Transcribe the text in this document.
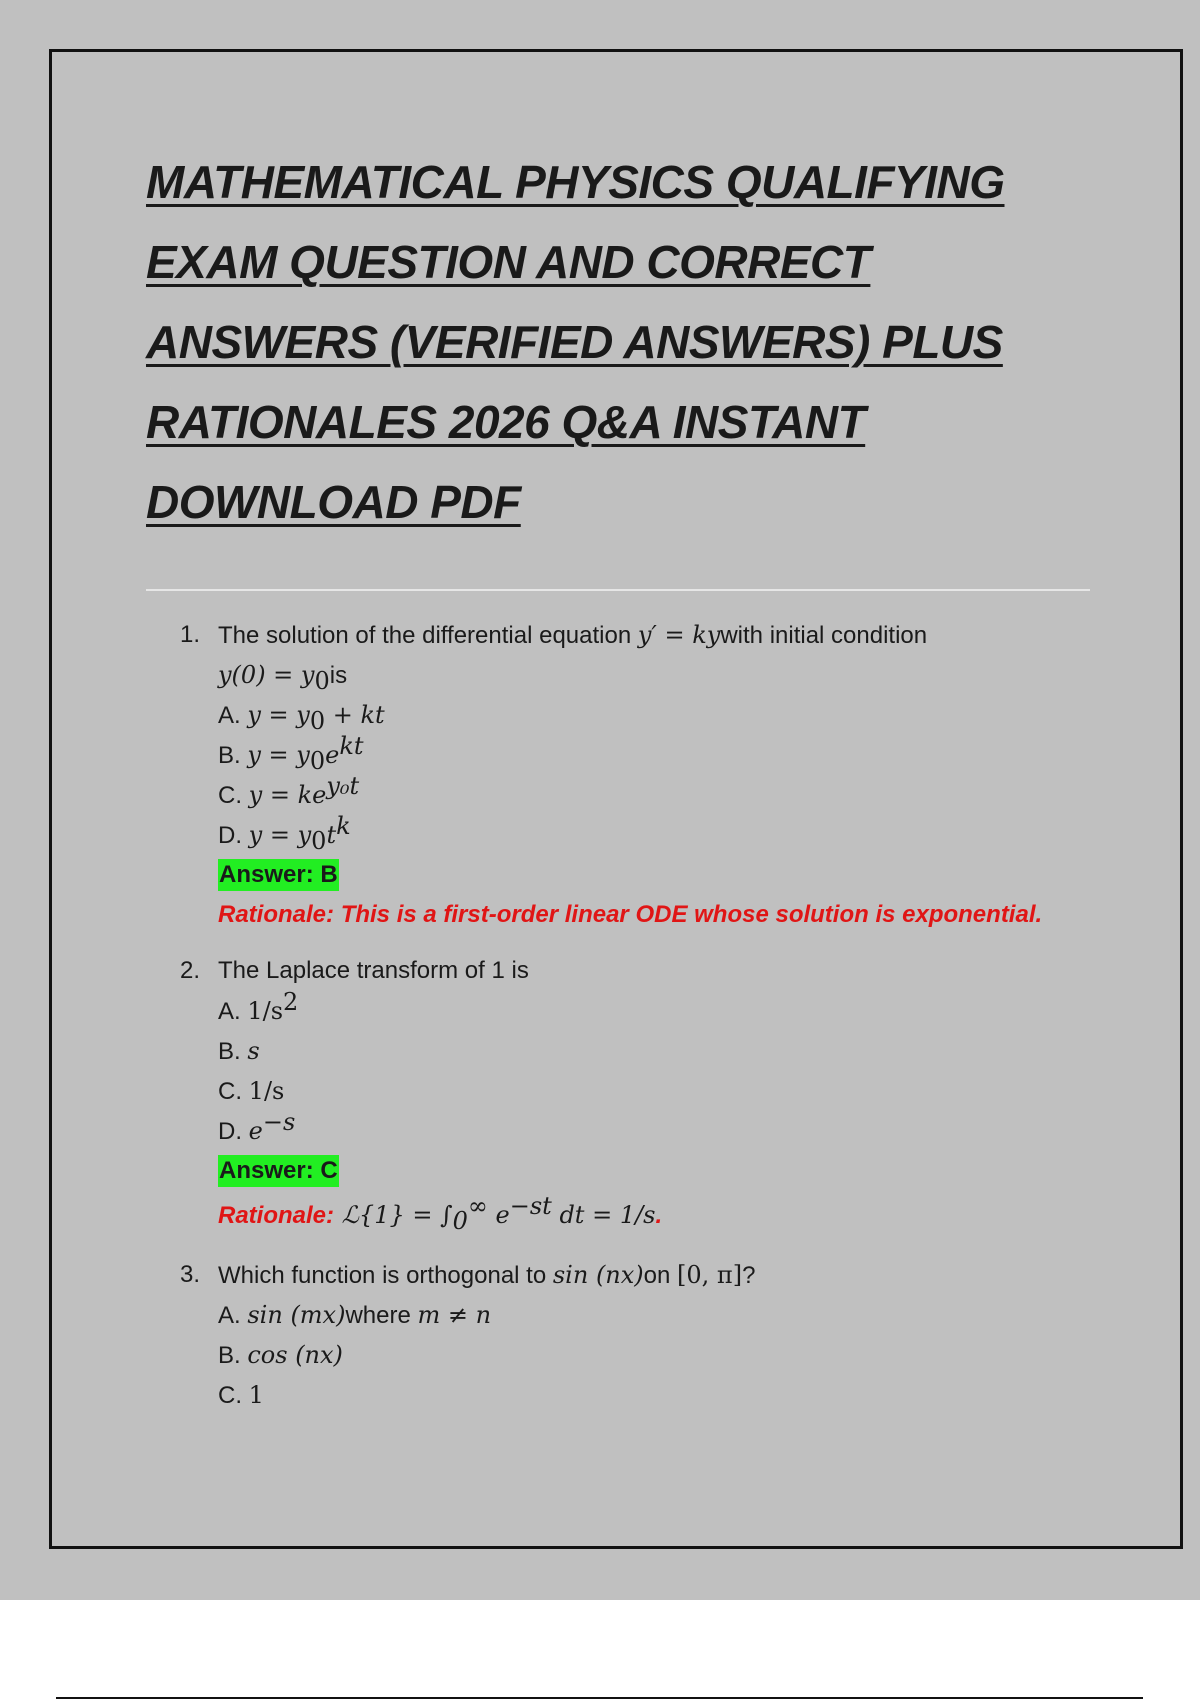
MATHEMATICAL PHYSICS QUALIFYING
EXAM QUESTION AND CORRECT
ANSWERS (VERIFIED ANSWERS) PLUS
RATIONALES 2026 Q&A INSTANT
DOWNLOAD PDF
1. The solution of the differential equation y′ = kywith initial condition
$y(0) = y_0is$
A. $y = y_0$ + kt
B. $y = y_0e^{kt}$
C. $y = ke^{y_0t}$
D. $y = y_0t^k$
Answer: B
Rationale: This is a first-order linear ODE whose solution is exponential.
2. The Laplace transform of 1 is
A. $1/s^2$
B. s
C. 1/s
D. $e^{-s}$
Answer: C
Rationale: ℒ{1} = $\int_0^\infty$ $e^{-st}$ dt = 1/s.
3. Which function is orthogonal to sin (nx)on [0, π]?
A. sin (mx)where m ≠ n
B. cos (nx)
C. 1
